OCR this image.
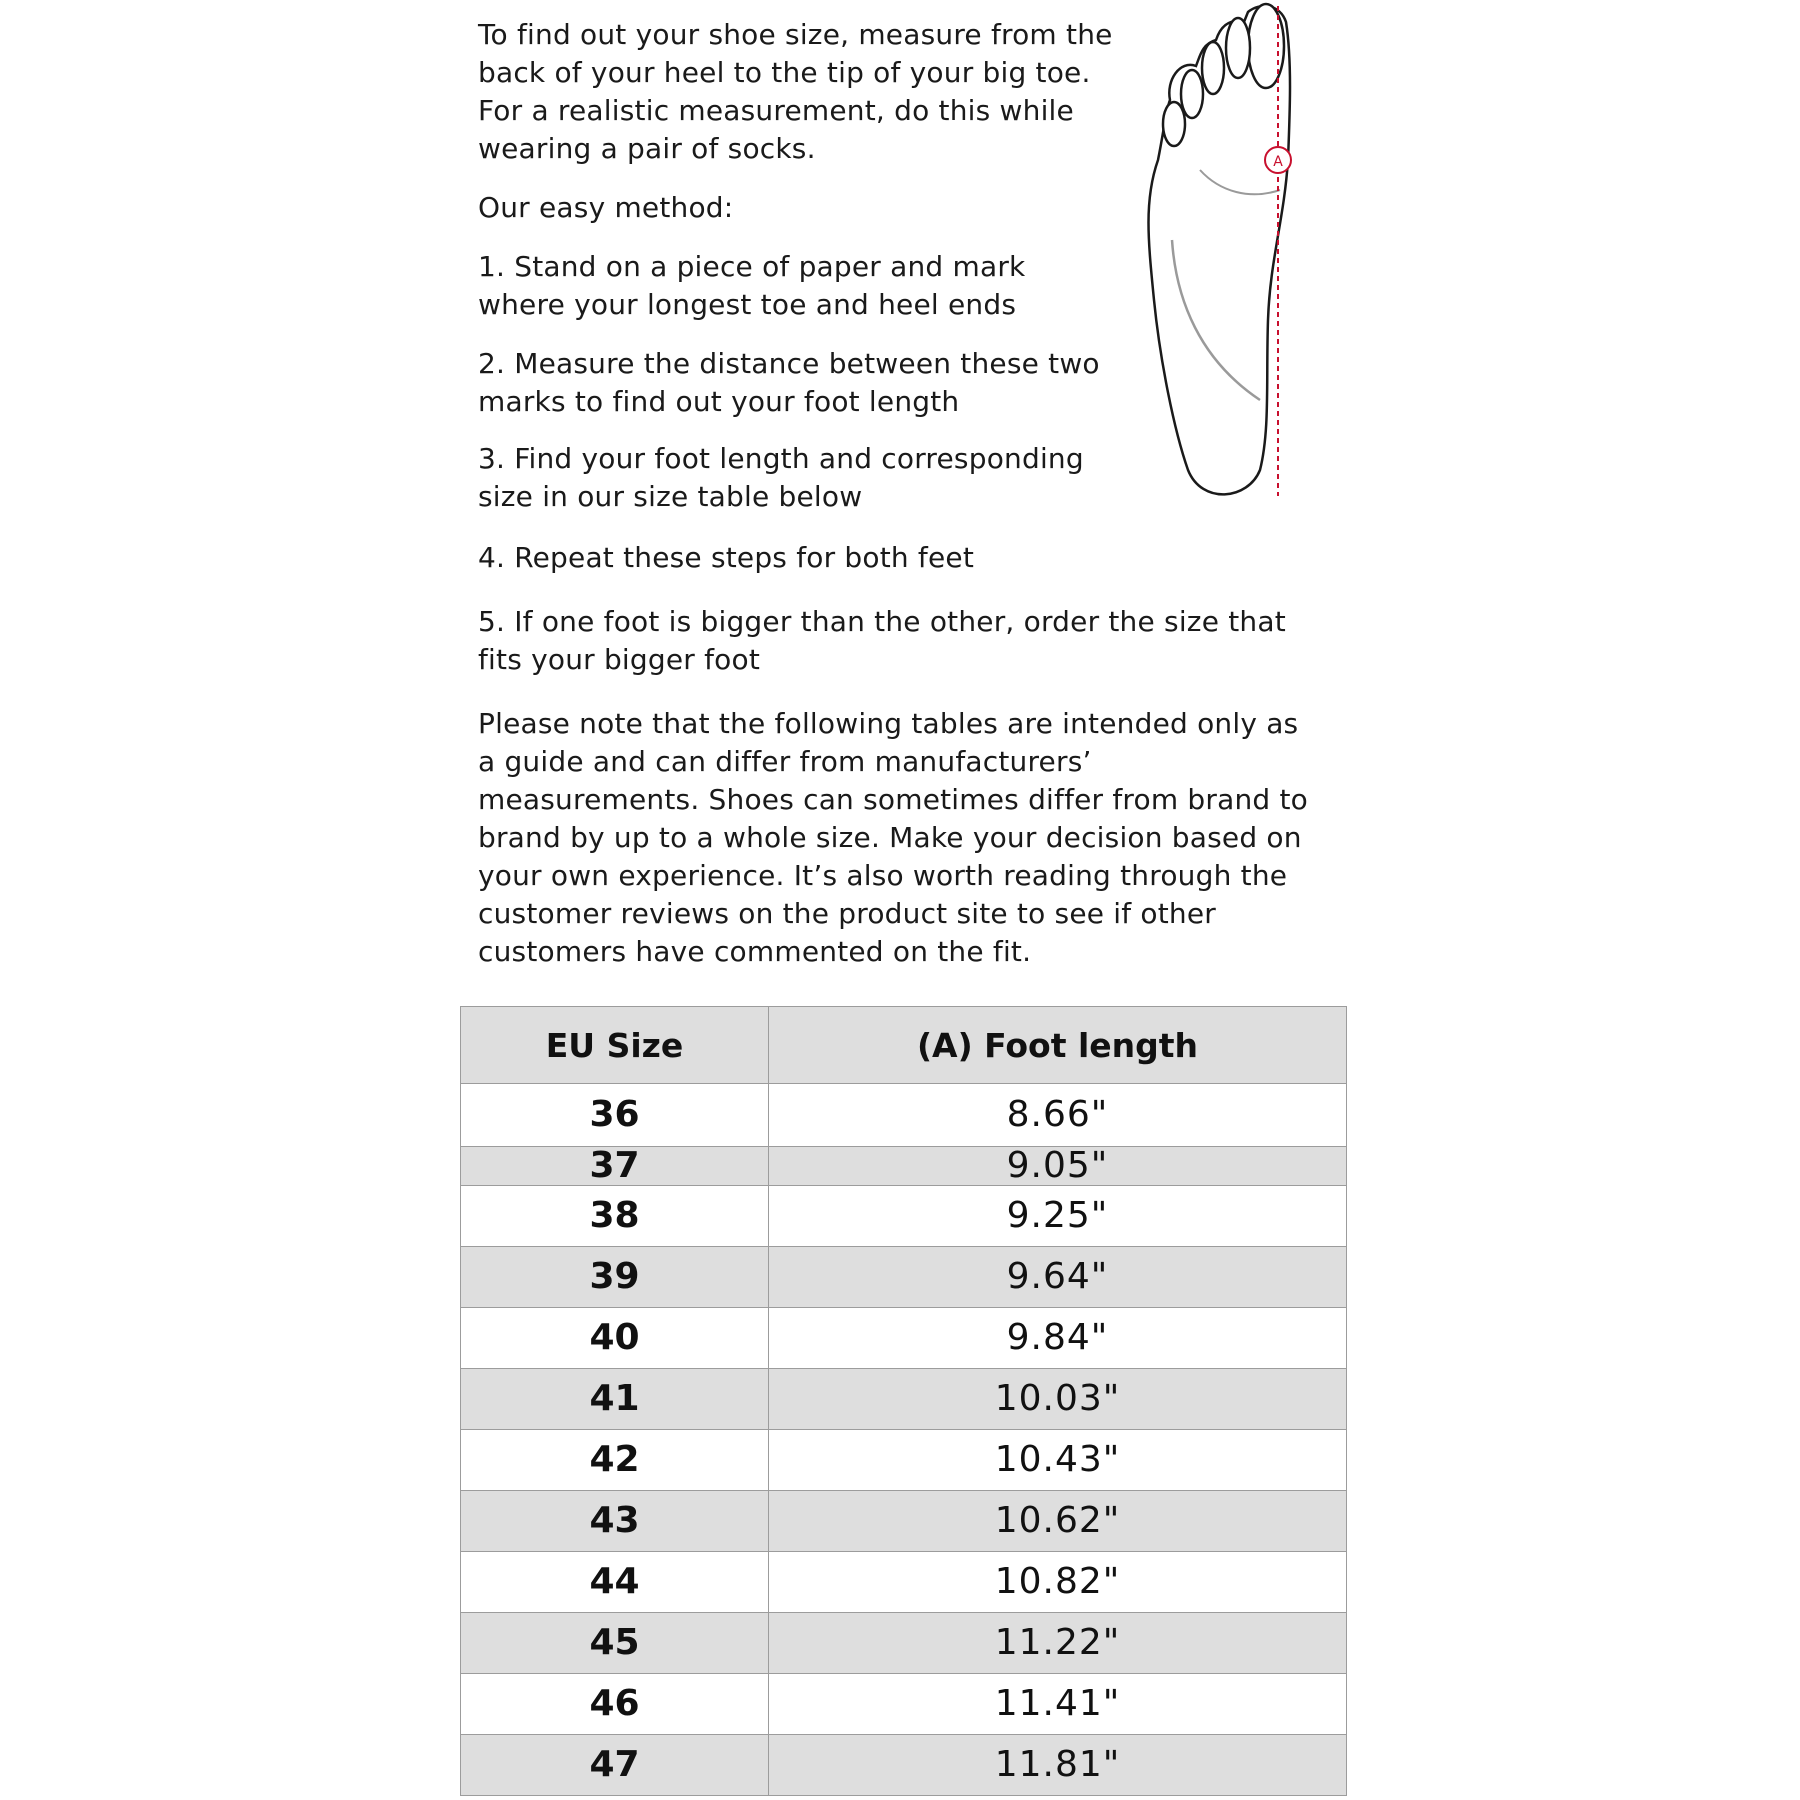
To find out your shoe size, measure from the back of your heel to the tip of your big toe. For a realistic measurement, do this while wearing a pair of socks.

Our easy method:

1. Stand on a piece of paper and mark where your longest toe and heel ends

2. Measure the distance between these two marks to find out your foot length

3. Find your foot length and corresponding size in our size table below

4. Repeat these steps for both feet

5. If one foot is bigger than the other, order the size that fits your bigger foot

Please note that the following tables are intended only as a guide and can differ from manufacturers’ measurements. Shoes can sometimes differ from brand to brand by up to a whole size. Make your decision based on your own experience. It’s also worth reading through the customer reviews on the product site to see if other customers have commented on the fit.

A
EU Size	(A) Foot length
36	8.66"
37	9.05"
38	9.25"
39	9.64"
40	9.84"
41	10.03"
42	10.43"
43	10.62"
44	10.82"
45	11.22"
46	11.41"
47	11.81"
